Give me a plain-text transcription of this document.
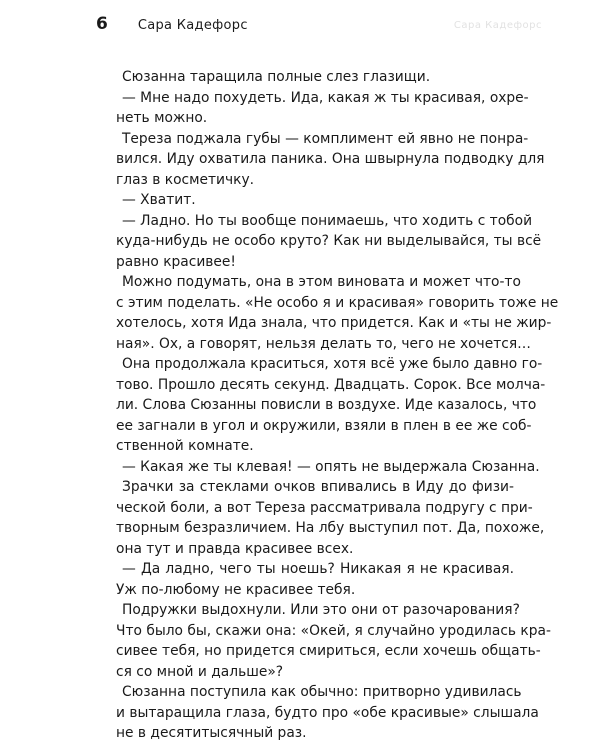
6 Сара Кадефорс	Сара Кадефорс

Сюзанна таращила полные слез глазищи.

— Мне надо похудеть. Ида, какая ж ты красивая, охре-
неть можно.

Тереза поджала губы — комплимент ей явно не понра-
вился. Иду охватила паника. Она швырнула подводку для
глаз в косметичку.

— Хватит.

— Ладно. Но ты вообще понимаешь, что ходить с тобой
куда-нибудь не особо круто? Как ни выделывайся, ты всё
равно красивее!

Можно подумать, она в этом виновата и может что-то
с этим поделать. «Не особо я и красивая» говорить тоже не
хотелось, хотя Ида знала, что придется. Как и «ты не жир-
ная». Ох, а говорят, нельзя делать то, чего не хочется…

Она продолжала краситься, хотя всё уже было давно го-
тово. Прошло десять секунд. Двадцать. Сорок. Все молча-
ли. Слова Сюзанны повисли в воздухе. Иде казалось, что
ее загнали в угол и окружили, взяли в плен в ее же соб-
ственной комнате.

— Какая же ты клевая! — опять не выдержала Сюзанна.

Зрачки за стеклами очков впивались в Иду до физи-
ческой боли, а вот Тереза рассматривала подругу с при-
творным безразличием. На лбу выступил пот. Да, похоже,
она тут и правда красивее всех.

— Да ладно, чего ты ноешь? Никакая я не красивая.
Уж по-любому не красивее тебя.

Подружки выдохнули. Или это они от разочарования?
Что было бы, скажи она: «Окей, я случайно уродилась кра-
сивее тебя, но придется смириться, если хочешь общать-
ся со мной и дальше»?

Сюзанна поступила как обычно: притворно удивилась
и вытаращила глаза, будто про «обе красивые» слышала
не в десятитысячный раз.
